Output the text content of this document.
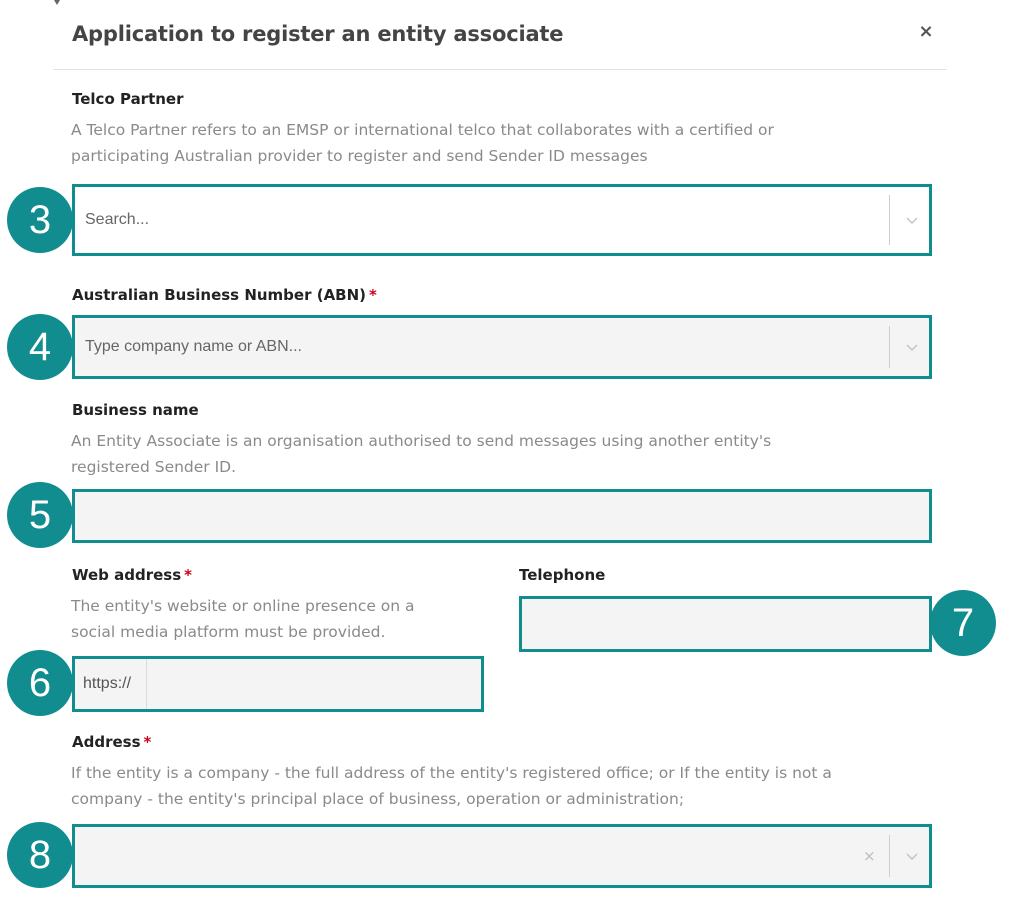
Application to register an entity associate	×
Telco Partner
A Telco Partner refers to an EMSP or international telco that collaborates with a certified or
participating Australian provider to register and send Sender ID messages
Search...
3
Australian Business Number (ABN) *
Type company name or ABN...
4
Business name
An Entity Associate is an organisation authorised to send messages using another entity's
registered Sender ID.
5
Web address *
The entity's website or online presence on a
social media platform must be provided.
https://
6
Telephone
7
Address *
If the entity is a company - the full address of the entity's registered office; or If the entity is not a
company - the entity's principal place of business, operation or administration;
×
8
